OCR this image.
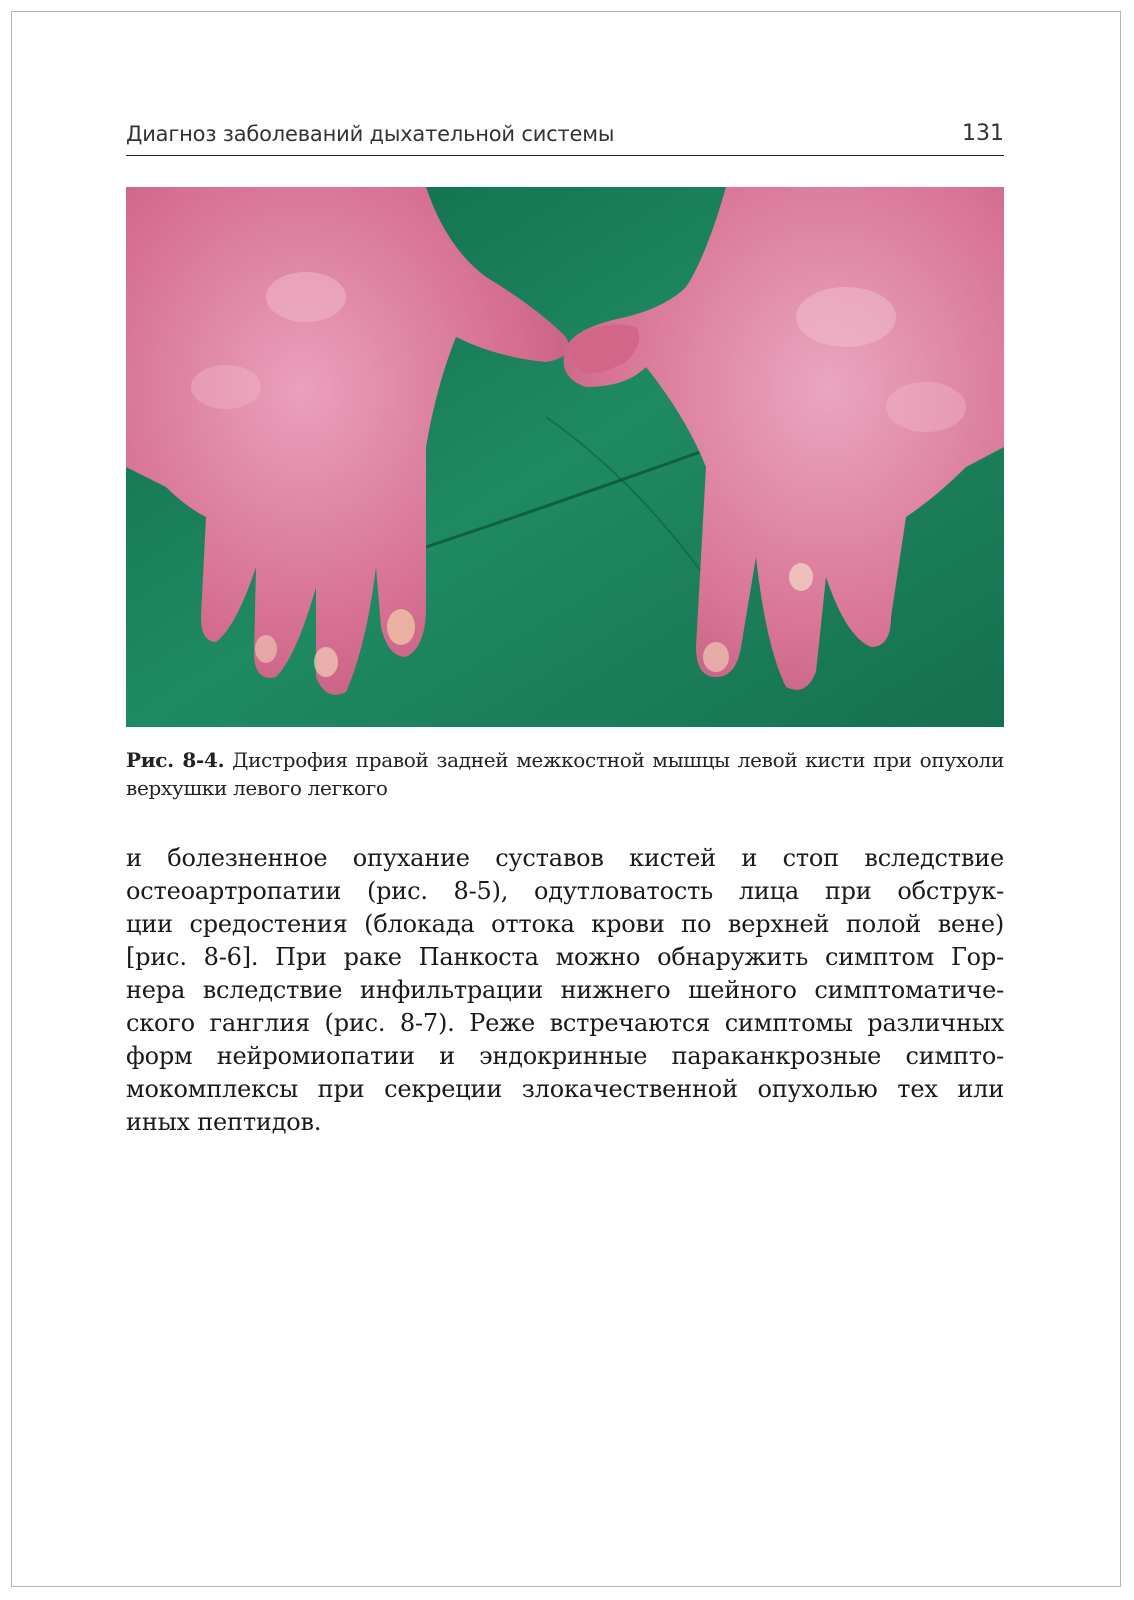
Диагноз заболеваний дыхательной системы	131
Рис. 8-4. Дистрофия правой задней межкостной мышцы левой кисти при опухоли верхушки левого легкого
и болезненное опухание суставов кистей и стоп вследствие
остеоартропатии (рис. 8-5), одутловатость лица при обструк-
ции средостения (блокада оттока крови по верхней полой вене)
[рис. 8-6]. При раке Панкоста можно обнаружить симптом Гор-
нера вследствие инфильтрации нижнего шейного симптоматиче-
ского ганглия (рис. 8-7). Реже встречаются симптомы различных
форм нейромиопатии и эндокринные параканкрозные симпто-
мокомплексы при секреции злокачественной опухолью тех или
иных пептидов.
